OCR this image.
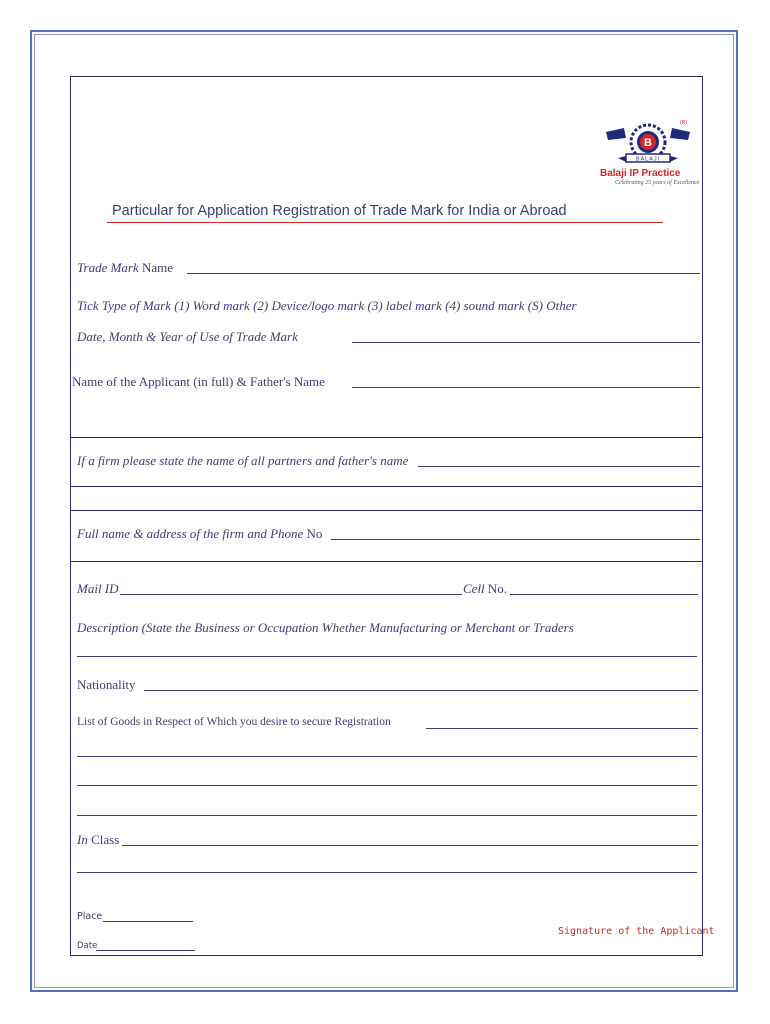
(R)
B
BALAJI
Balaji IP Practice
Celebrating 25 years of Excellence
Particular for Application Registration of Trade Mark for India or Abroad
Trade Mark Name
Tick Type of Mark (1) Word mark (2) Device/logo mark (3) label mark (4) sound mark (S) Other
Date, Month & Year of Use of Trade Mark
Name of the Applicant (in full) & Father's Name
If a firm please state the name of all partners and father's name
Full name & address of the firm and Phone No
Mail ID	Cell No.
Description (State the Business or Occupation Whether Manufacturing or Merchant or Traders
Nationality
List of Goods in Respect of Which you desire to secure Registration
In Class
Place
Date
Signature of the Applicant
